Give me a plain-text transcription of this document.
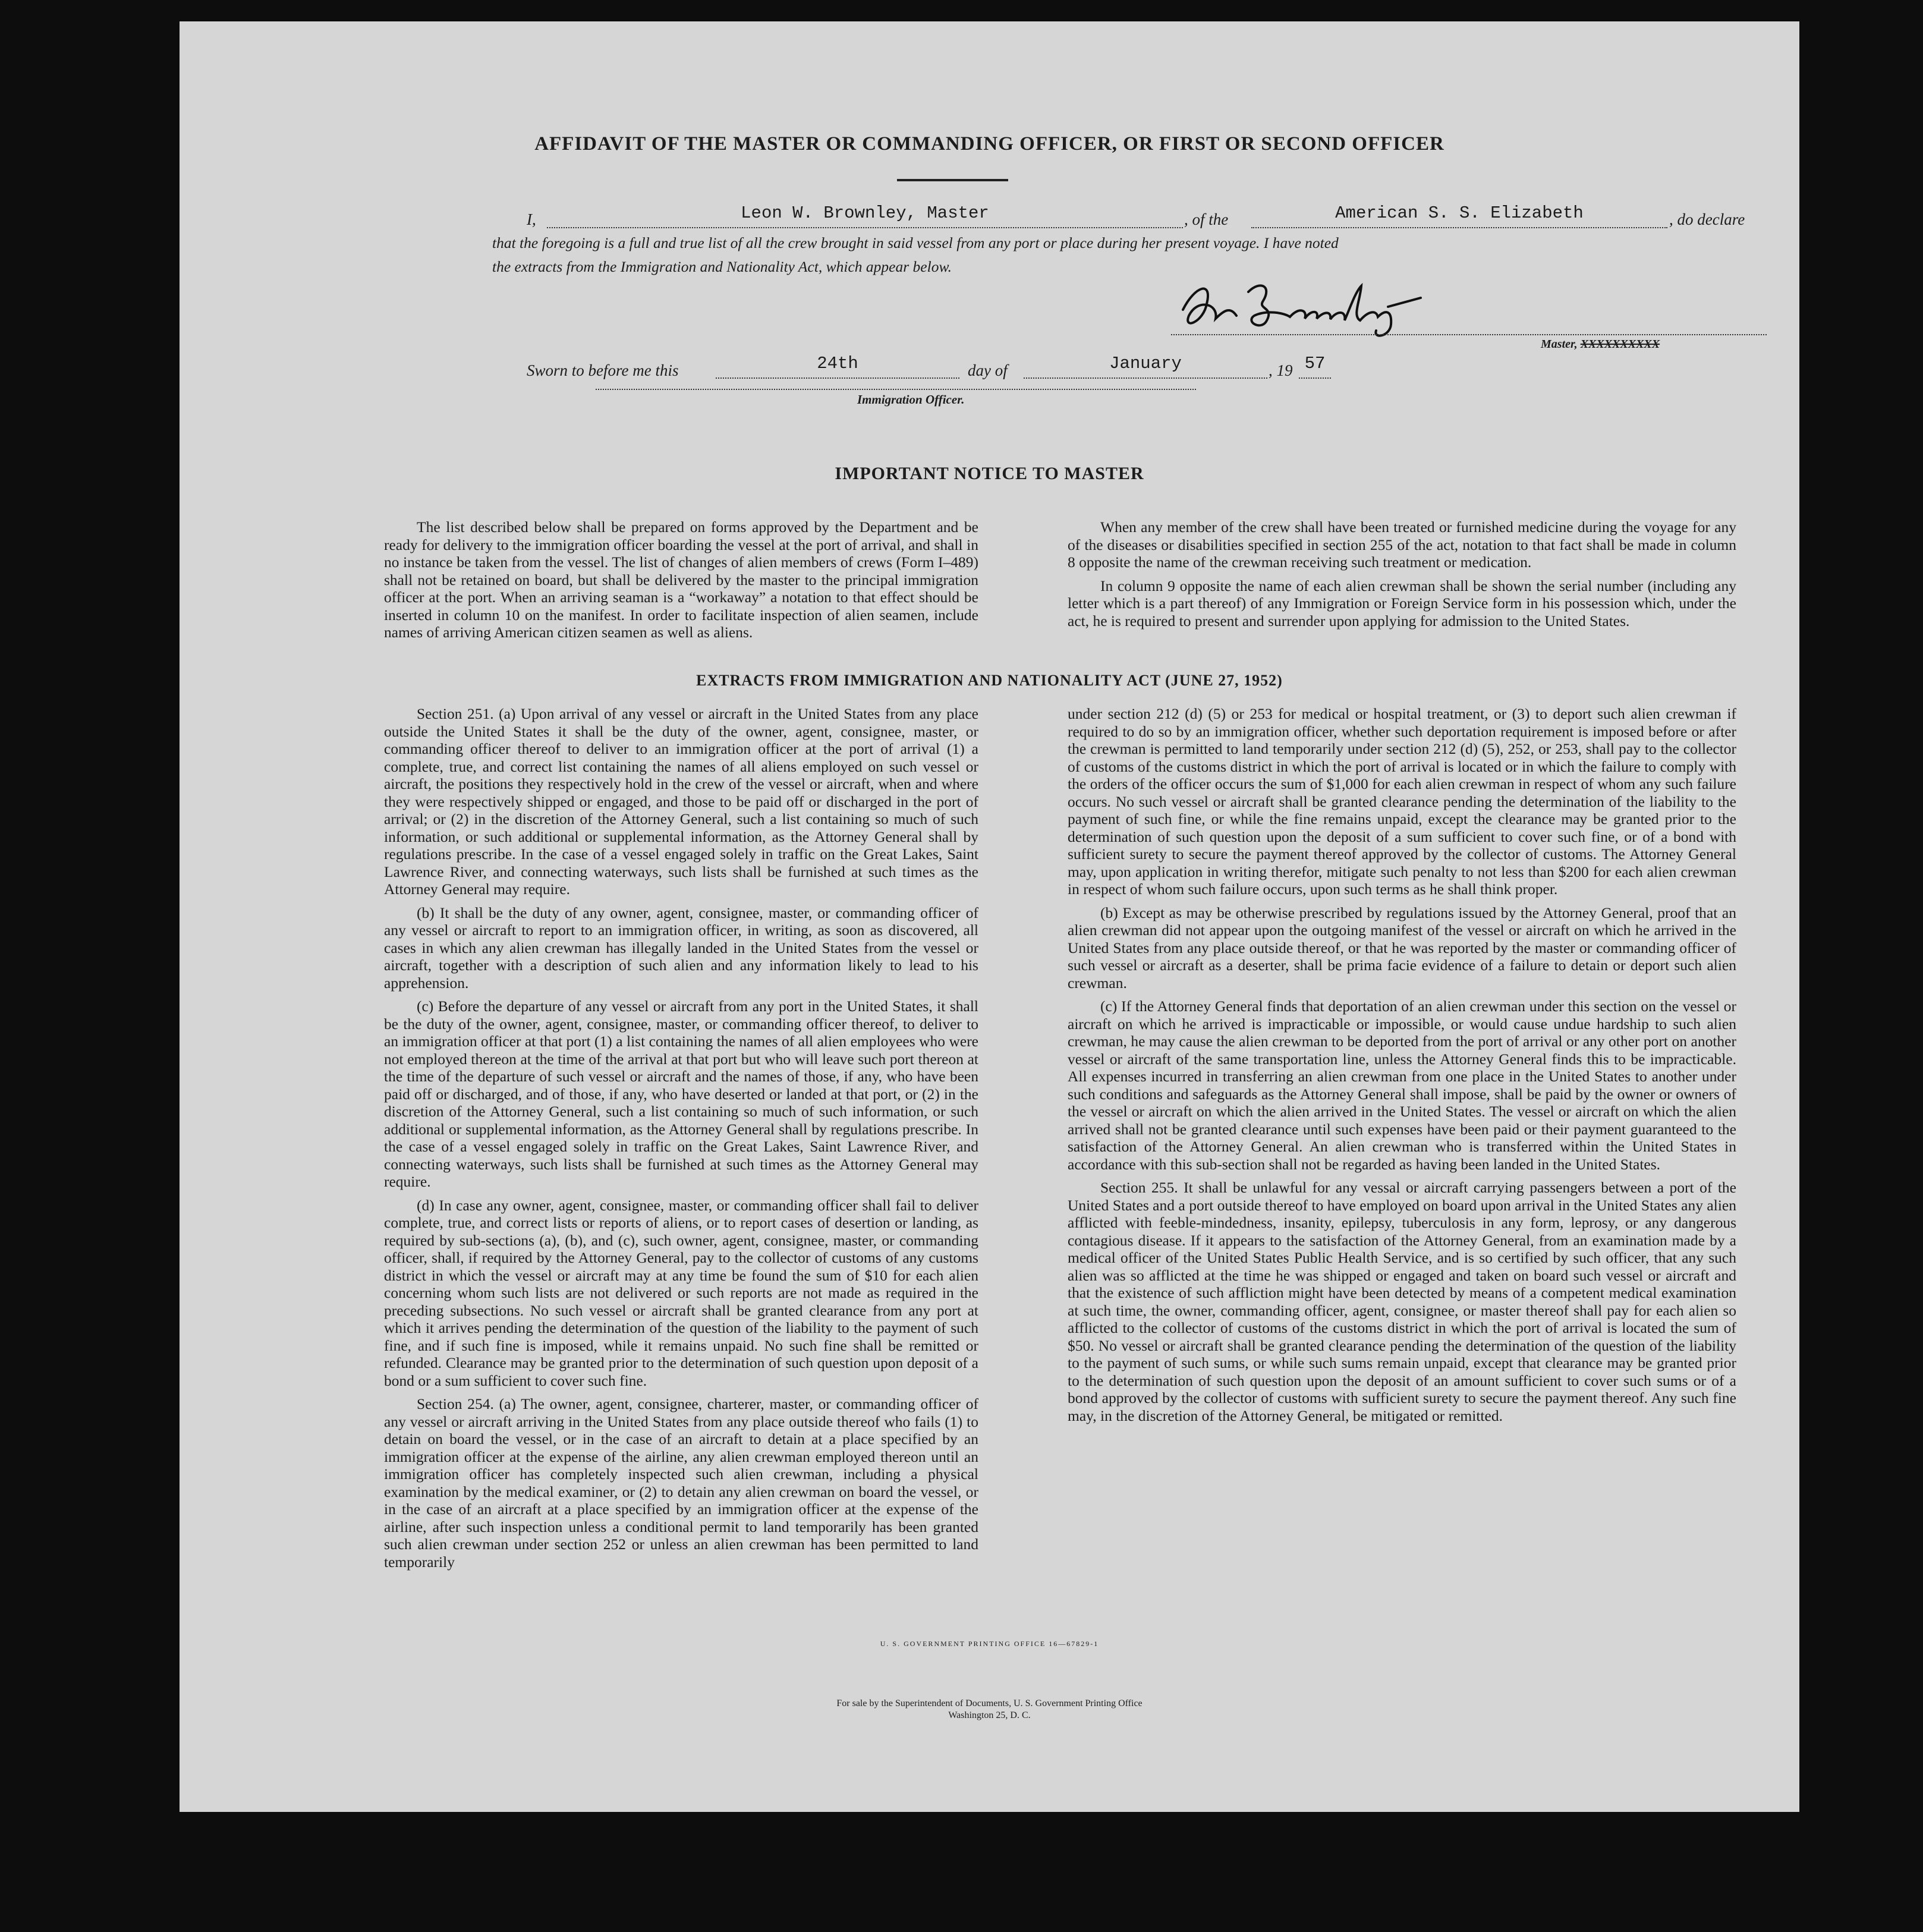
AFFIDAVIT OF THE MASTER OR COMMANDING OFFICER, OR FIRST OR SECOND OFFICER
I,	Leon W. Brownley, Master	, of the	American S. S. Elizabeth	, do declare
that the foregoing is a full and true list of all the crew brought in said vessel from any port or place during her present voyage. I have noted
the extracts from the Immigration and Nationality Act, which appear below.
Master, XXXXXXXXXX
Sworn to before me this	24th	day of	January	, 19 57
Immigration Officer.
IMPORTANT NOTICE TO MASTER

The list described below shall be prepared on forms approved by the Department and be ready for delivery to the immigration officer boarding the vessel at the port of arrival, and shall in no instance be taken from the vessel. The list of changes of alien members of crews (Form I–489) shall not be retained on board, but shall be delivered by the master to the principal immigration officer at the port. When an arriving seaman is a “workaway” a notation to that effect should be inserted in column 10 on the manifest. In order to facilitate inspection of alien seamen, include names of arriving American citizen seamen as well as aliens.

When any member of the crew shall have been treated or furnished medicine during the voyage for any of the diseases or disabilities specified in section 255 of the act, notation to that fact shall be made in column 8 opposite the name of the crewman receiving such treatment or medication.

In column 9 opposite the name of each alien crewman shall be shown the serial number (including any letter which is a part thereof) of any Immigration or Foreign Service form in his possession which, under the act, he is required to present and surrender upon applying for admission to the United States.

EXTRACTS FROM IMMIGRATION AND NATIONALITY ACT (JUNE 27, 1952)

Section 251. (a) Upon arrival of any vessel or aircraft in the United States from any place outside the United States it shall be the duty of the owner, agent, consignee, master, or commanding officer thereof to deliver to an immigration officer at the port of arrival (1) a complete, true, and correct list containing the names of all aliens employed on such vessel or aircraft, the positions they respectively hold in the crew of the vessel or aircraft, when and where they were respectively shipped or engaged, and those to be paid off or discharged in the port of arrival; or (2) in the discretion of the Attorney General, such a list containing so much of such information, or such additional or supplemental information, as the Attorney General shall by regulations prescribe. In the case of a vessel engaged solely in traffic on the Great Lakes, Saint Lawrence River, and connecting waterways, such lists shall be furnished at such times as the Attorney General may require.

(b) It shall be the duty of any owner, agent, consignee, master, or commanding officer of any vessel or aircraft to report to an immigration officer, in writing, as soon as discovered, all cases in which any alien crewman has illegally landed in the United States from the vessel or aircraft, together with a description of such alien and any information likely to lead to his apprehension.

(c) Before the departure of any vessel or aircraft from any port in the United States, it shall be the duty of the owner, agent, consignee, master, or commanding officer thereof, to deliver to an immigration officer at that port (1) a list containing the names of all alien employees who were not employed thereon at the time of the arrival at that port but who will leave such port thereon at the time of the departure of such vessel or aircraft and the names of those, if any, who have been paid off or discharged, and of those, if any, who have deserted or landed at that port, or (2) in the discretion of the Attorney General, such a list containing so much of such information, or such additional or supplemental information, as the Attorney General shall by regulations prescribe. In the case of a vessel engaged solely in traffic on the Great Lakes, Saint Lawrence River, and connecting waterways, such lists shall be furnished at such times as the Attorney General may require.

(d) In case any owner, agent, consignee, master, or commanding officer shall fail to deliver complete, true, and correct lists or reports of aliens, or to report cases of desertion or landing, as required by sub-sections (a), (b), and (c), such owner, agent, consignee, master, or commanding officer, shall, if required by the Attorney General, pay to the collector of customs of any customs district in which the vessel or aircraft may at any time be found the sum of $10 for each alien concerning whom such lists are not delivered or such reports are not made as required in the preceding subsections. No such vessel or aircraft shall be granted clearance from any port at which it arrives pending the determination of the question of the liability to the payment of such fine, and if such fine is imposed, while it remains unpaid. No such fine shall be remitted or refunded. Clearance may be granted prior to the determination of such question upon deposit of a bond or a sum sufficient to cover such fine.

Section 254. (a) The owner, agent, consignee, charterer, master, or commanding officer of any vessel or aircraft arriving in the United States from any place outside thereof who fails (1) to detain on board the vessel, or in the case of an aircraft to detain at a place specified by an immigration officer at the expense of the airline, any alien crewman employed thereon until an immigration officer has completely inspected such alien crewman, including a physical examination by the medical examiner, or (2) to detain any alien crewman on board the vessel, or in the case of an aircraft at a place specified by an immigration officer at the expense of the airline, after such inspection unless a conditional permit to land temporarily has been granted such alien crewman under section 252 or unless an alien crewman has been permitted to land temporarily

under section 212 (d) (5) or 253 for medical or hospital treatment, or (3) to deport such alien crewman if required to do so by an immigration officer, whether such deportation requirement is imposed before or after the crewman is permitted to land temporarily under section 212 (d) (5), 252, or 253, shall pay to the collector of customs of the customs district in which the port of arrival is located or in which the failure to comply with the orders of the officer occurs the sum of $1,000 for each alien crewman in respect of whom any such failure occurs. No such vessel or aircraft shall be granted clearance pending the determination of the liability to the payment of such fine, or while the fine remains unpaid, except the clearance may be granted prior to the determination of such question upon the deposit of a sum sufficient to cover such fine, or of a bond with sufficient surety to secure the payment thereof approved by the collector of customs. The Attorney General may, upon application in writing therefor, mitigate such penalty to not less than $200 for each alien crewman in respect of whom such failure occurs, upon such terms as he shall think proper.

(b) Except as may be otherwise prescribed by regulations issued by the Attorney General, proof that an alien crewman did not appear upon the outgoing manifest of the vessel or aircraft on which he arrived in the United States from any place outside thereof, or that he was reported by the master or commanding officer of such vessel or aircraft as a deserter, shall be prima facie evidence of a failure to detain or deport such alien crewman.

(c) If the Attorney General finds that deportation of an alien crewman under this section on the vessel or aircraft on which he arrived is impracticable or impossible, or would cause undue hardship to such alien crewman, he may cause the alien crewman to be deported from the port of arrival or any other port on another vessel or aircraft of the same transportation line, unless the Attorney General finds this to be impracticable. All expenses incurred in transferring an alien crewman from one place in the United States to another under such conditions and safeguards as the Attorney General shall impose, shall be paid by the owner or owners of the vessel or aircraft on which the alien arrived in the United States. The vessel or aircraft on which the alien arrived shall not be granted clearance until such expenses have been paid or their payment guaranteed to the satisfaction of the Attorney General. An alien crewman who is transferred within the United States in accordance with this sub-section shall not be regarded as having been landed in the United States.

Section 255. It shall be unlawful for any vessal or aircraft carrying passengers between a port of the United States and a port outside thereof to have employed on board upon arrival in the United States any alien afflicted with feeble-mindedness, insanity, epilepsy, tuberculosis in any form, leprosy, or any dangerous contagious disease. If it appears to the satisfaction of the Attorney General, from an examination made by a medical officer of the United States Public Health Service, and is so certified by such officer, that any such alien was so afflicted at the time he was shipped or engaged and taken on board such vessel or aircraft and that the existence of such affliction might have been detected by means of a competent medical examination at such time, the owner, commanding officer, agent, consignee, or master thereof shall pay for each alien so afflicted to the collector of customs of the customs district in which the port of arrival is located the sum of $50. No vessel or aircraft shall be granted clearance pending the determination of the question of the liability to the payment of such sums, or while such sums remain unpaid, except that clearance may be granted prior to the determination of such question upon the deposit of an amount sufficient to cover such sums or of a bond approved by the collector of customs with sufficient surety to secure the payment thereof. Any such fine may, in the discretion of the Attorney General, be mitigated or remitted.

U. S. GOVERNMENT PRINTING OFFICE 16—67829-1
For sale by the Superintendent of Documents, U. S. Government Printing Office
Washington 25, D. C.
